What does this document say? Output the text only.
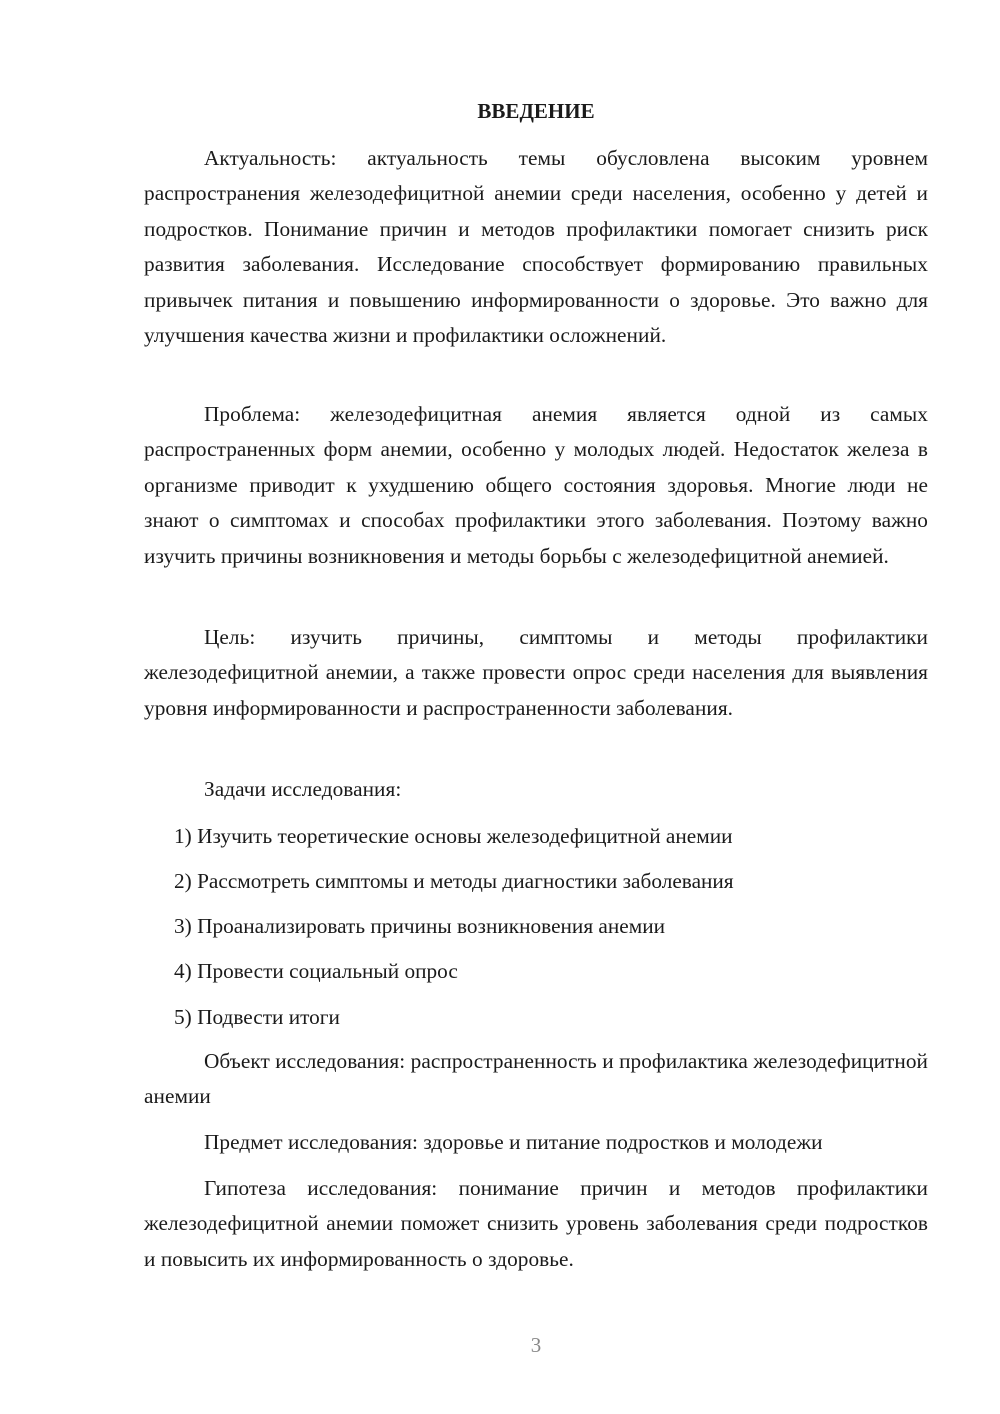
ВВЕДЕНИЕ

Актуальность: актуальность темы обусловлена высоким уровнем распространения железодефицитной анемии среди населения, особенно у детей и подростков. Понимание причин и методов профилактики помогает снизить риск развития заболевания. Исследование способствует формированию правильных привычек питания и повышению информированности о здоровье. Это важно для улучшения качества жизни и профилактики осложнений.

Проблема: железодефицитная анемия является одной из самых распространенных форм анемии, особенно у молодых людей. Недостаток железа в организме приводит к ухудшению общего состояния здоровья. Многие люди не знают о симптомах и способах профилактики этого заболевания. Поэтому важно изучить причины возникновения и методы борьбы с железодефицитной анемией.

Цель: изучить причины, симптомы и методы профилактики железодефицитной анемии, а также провести опрос среди населения для выявления уровня информированности и распространенности заболевания.

Задачи исследования:

1) Изучить теоретические основы железодефицитной анемии
2) Рассмотреть симптомы и методы диагностики заболевания
3) Проанализировать причины возникновения анемии
4) Провести социальный опрос
5) Подвести итоги

Объект исследования: распространенность и профилактика железодефицитной анемии

Предмет исследования: здоровье и питание подростков и молодежи

Гипотеза исследования: понимание причин и методов профилактики железодефицитной анемии поможет снизить уровень заболевания среди подростков и повысить их информированность о здоровье.

3
